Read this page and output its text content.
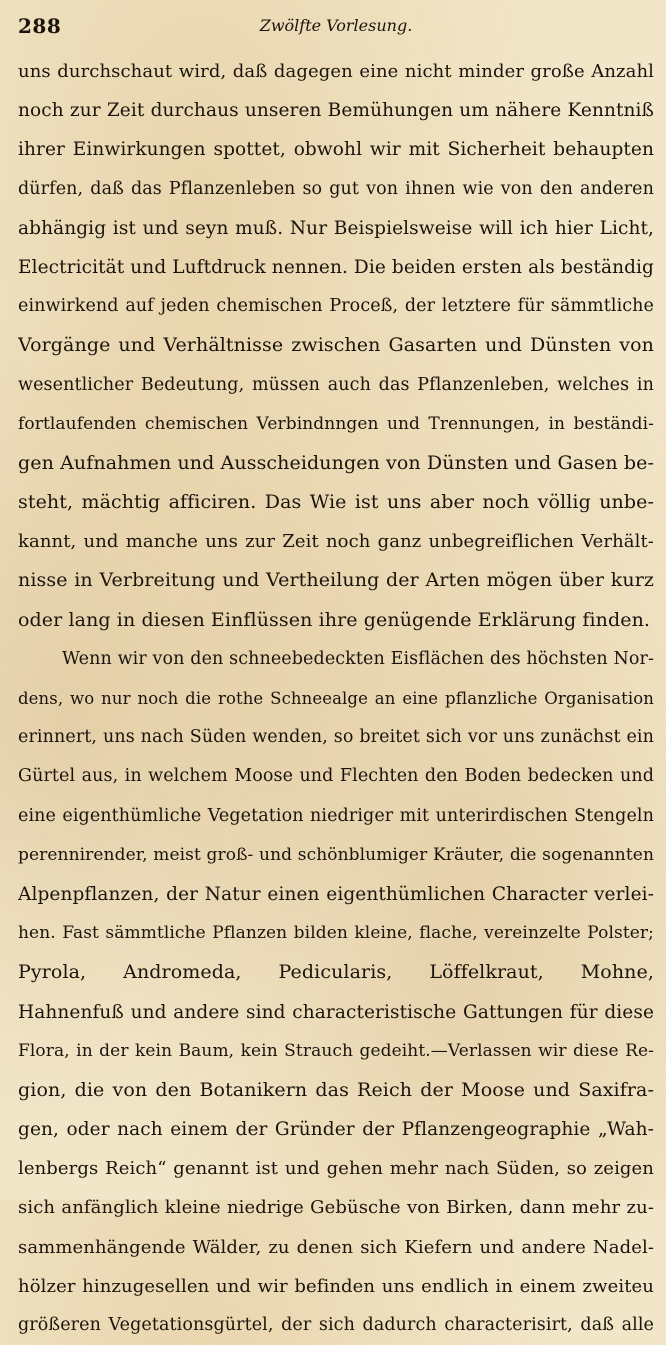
288	Zwölfte Vorlesung.
uns durchschaut wird, daß dagegen eine nicht minder große Anzahl
noch zur Zeit durchaus unseren Bemühungen um nähere Kenntniß
ihrer Einwirkungen spottet, obwohl wir mit Sicherheit behaupten
dürfen, daß das Pflanzenleben so gut von ihnen wie von den anderen
abhängig ist und seyn muß. Nur Beispielsweise will ich hier Licht,
Electricität und Luftdruck nennen. Die beiden ersten als beständig
einwirkend auf jeden chemischen Proceß, der letztere für sämmtliche
Vorgänge und Verhältnisse zwischen Gasarten und Dünsten von
wesentlicher Bedeutung, müssen auch das Pflanzenleben, welches in
fortlaufenden chemischen Verbindnngen und Trennungen, in beständi-
gen Aufnahmen und Ausscheidungen von Dünsten und Gasen be-
steht, mächtig afficiren. Das Wie ist uns aber noch völlig unbe-
kannt, und manche uns zur Zeit noch ganz unbegreiflichen Verhält-
nisse in Verbreitung und Vertheilung der Arten mögen über kurz
oder lang in diesen Einflüssen ihre genügende Erklärung finden.
Wenn wir von den schneebedeckten Eisflächen des höchsten Nor-
dens, wo nur noch die rothe Schneealge an eine pflanzliche Organisation
erinnert, uns nach Süden wenden, so breitet sich vor uns zunächst ein
Gürtel aus, in welchem Moose und Flechten den Boden bedecken und
eine eigenthümliche Vegetation niedriger mit unterirdischen Stengeln
perennirender, meist groß- und schönblumiger Kräuter, die sogenannten
Alpenpflanzen, der Natur einen eigenthümlichen Character verlei-
hen. Fast sämmtliche Pflanzen bilden kleine, flache, vereinzelte Polster;
Pyrola, Andromeda, Pedicularis, Löffelkraut, Mohne,
Hahnenfuß und andere sind characteristische Gattungen für diese
Flora, in der kein Baum, kein Strauch gedeiht.—Verlassen wir diese Re-
gion, die von den Botanikern das Reich der Moose und Saxifra-
gen, oder nach einem der Gründer der Pflanzengeographie „Wah-
lenbergs Reich“ genannt ist und gehen mehr nach Süden, so zeigen
sich anfänglich kleine niedrige Gebüsche von Birken, dann mehr zu-
sammenhängende Wälder, zu denen sich Kiefern und andere Nadel-
hölzer hinzugesellen und wir befinden uns endlich in einem zweiteu
größeren Vegetationsgürtel, der sich dadurch characterisirt, daß alle
